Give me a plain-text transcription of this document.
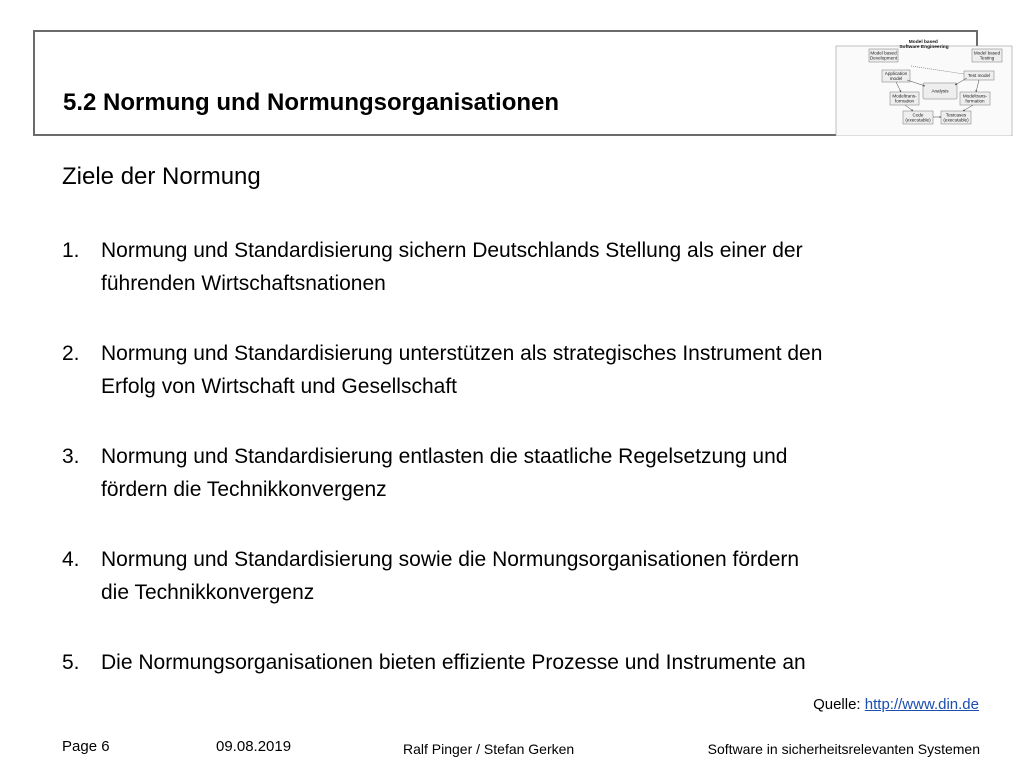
5.2 Normung und Normungsorganisationen
Model based Software Engineering
Model based Development
Model based Testing
Application model
Test model
Analysis
Modeltrans-formation
Modeltrans-formation
Code (executable)
Testcases (executable)
Ziele der Normung
1. Normung und Standardisierung sichern Deutschlands Stellung als einer der
führenden Wirtschaftsnationen
2. Normung und Standardisierung unterstützen als strategisches Instrument den
Erfolg von Wirtschaft und Gesellschaft
3. Normung und Standardisierung entlasten die staatliche Regelsetzung und
fördern die Technikkonvergenz
4. Normung und Standardisierung sowie die Normungsorganisationen fördern
die Technikkonvergenz
5. Die Normungsorganisationen bieten effiziente Prozesse und Instrumente an
Quelle: http://www.din.de
Page 6	09.08.2019	Ralf Pinger / Stefan Gerken	Software in sicherheitsrelevanten Systemen
